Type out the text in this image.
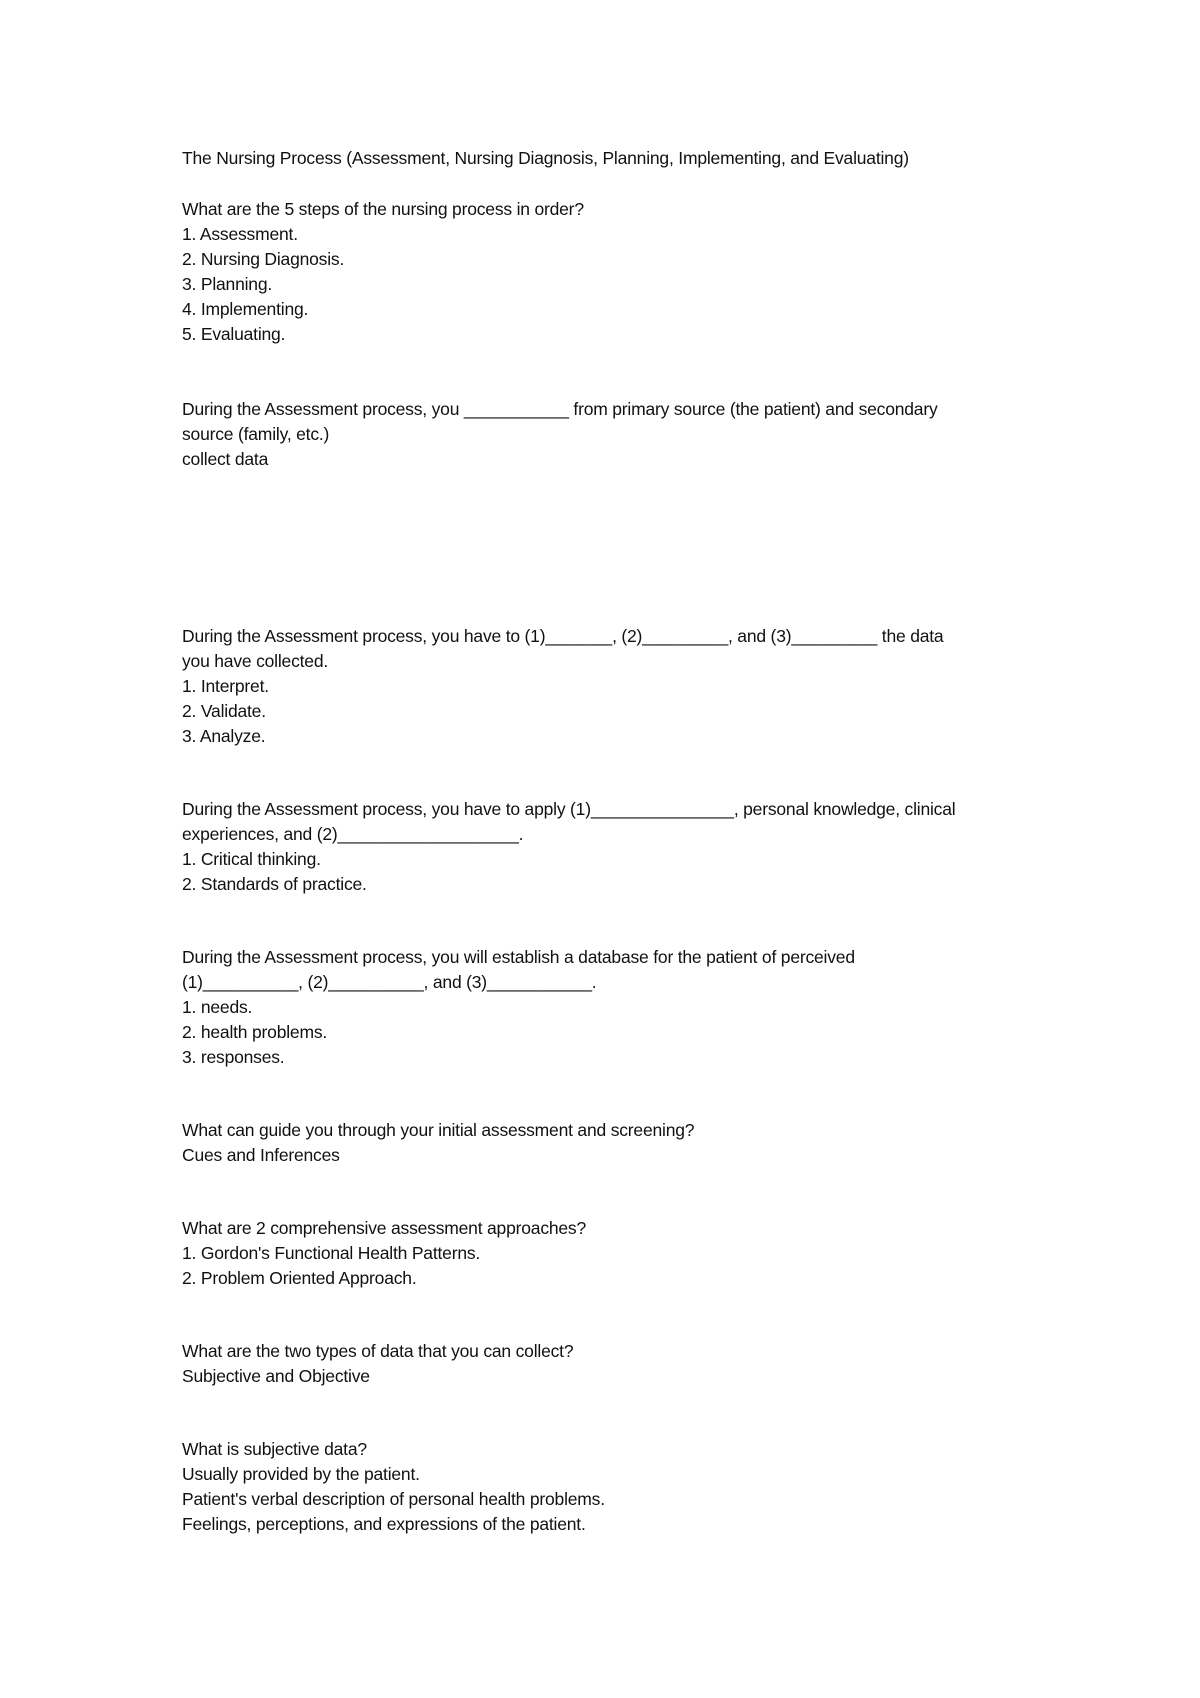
The Nursing Process (Assessment, Nursing Diagnosis, Planning, Implementing, and Evaluating)
What are the 5 steps of the nursing process in order?
1. Assessment.
2. Nursing Diagnosis.
3. Planning.
4. Implementing.
5. Evaluating.
During the Assessment process, you ___________ from primary source (the patient) and secondary
source (family, etc.)
collect data
During the Assessment process, you have to (1)_______, (2)_________, and (3)_________ the data
you have collected.
1. Interpret.
2. Validate.
3. Analyze.
During the Assessment process, you have to apply (1)_______________, personal knowledge, clinical
experiences, and (2)___________________.
1. Critical thinking.
2. Standards of practice.
During the Assessment process, you will establish a database for the patient of perceived
(1)__________, (2)__________, and (3)___________.
1. needs.
2. health problems.
3. responses.
What can guide you through your initial assessment and screening?
Cues and Inferences
What are 2 comprehensive assessment approaches?
1. Gordon's Functional Health Patterns.
2. Problem Oriented Approach.
What are the two types of data that you can collect?
Subjective and Objective
What is subjective data?
Usually provided by the patient.
Patient's verbal description of personal health problems.
Feelings, perceptions, and expressions of the patient.
